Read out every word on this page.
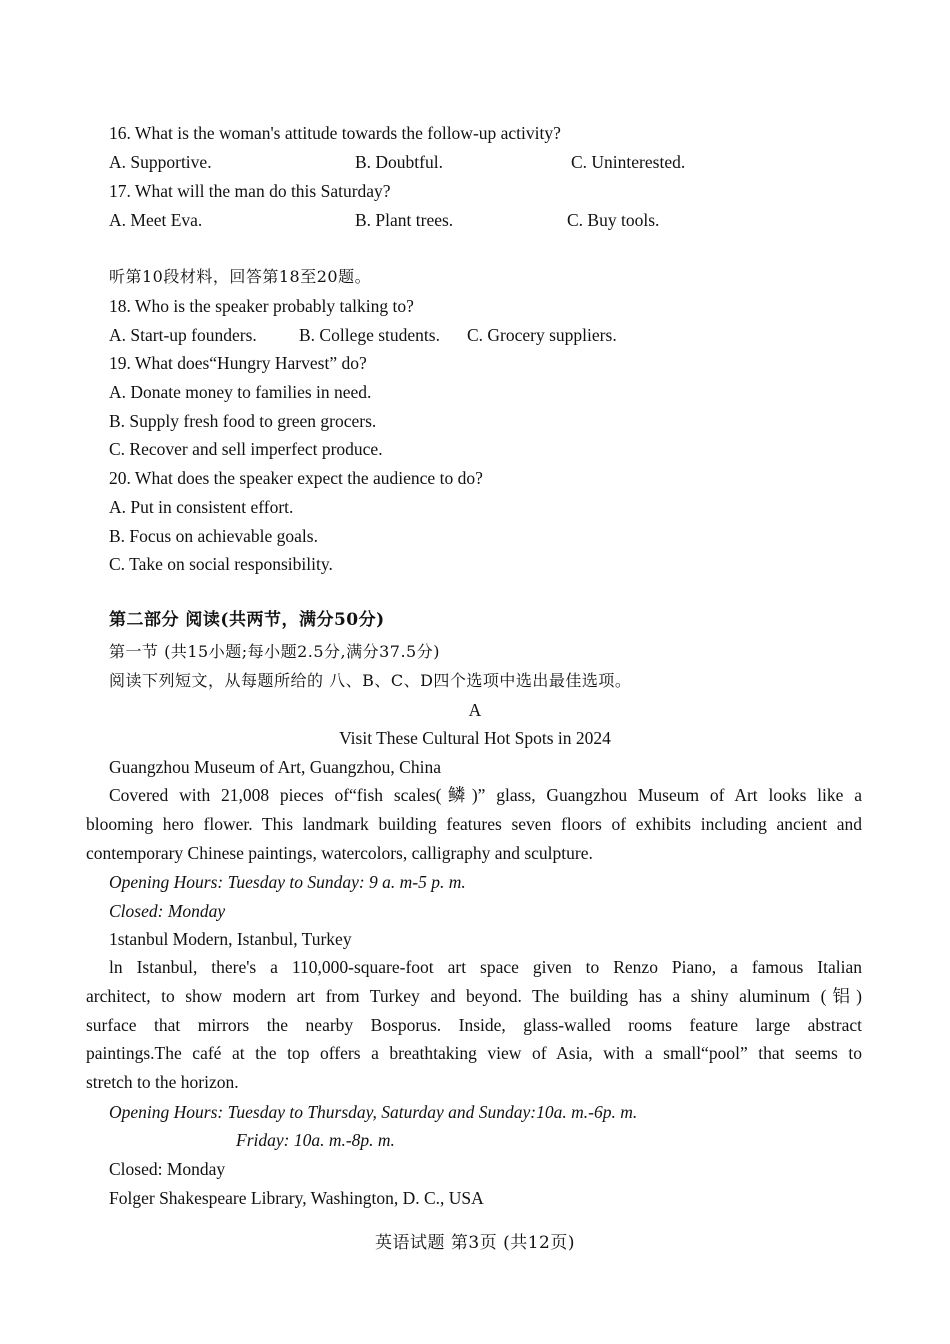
16. What is the woman's attitude towards the follow-up activity?
A. Supportive.	B. Doubtful.	C. Uninterested.
17. What will the man do this Saturday?
A. Meet Eva.	B. Plant trees.	C. Buy tools.
听第10段材料，回答第18至20题。
18. Who is the speaker probably talking to?
A. Start-up founders. B. College students. C. Grocery suppliers.
19. What does“Hungry Harvest” do?
A. Donate money to families in need.
B. Supply fresh food to green grocers.
C. Recover and sell imperfect produce.
20. What does the speaker expect the audience to do?
A. Put in consistent effort.
B. Focus on achievable goals.
C. Take on social responsibility.
第二部分 阅读(共两节，满分50分)
第一节 (共15小题;每小题2.5分,满分37.5分)
阅读下列短文，从每题所给的 八、B、C、D四个选项中选出最佳选项。
A
Visit These Cultural Hot Spots in 2024
Guangzhou Museum of Art, Guangzhou, China
Covered with 21,008 pieces of“fish scales(鳞)” glass, Guangzhou Museum of Art looks like a
blooming hero flower. This landmark building features seven floors of exhibits including ancient and
contemporary Chinese paintings, watercolors, calligraphy and sculpture.
Opening Hours: Tuesday to Sunday: 9 a. m-5 p. m.
Closed: Monday
1stanbul Modern, Istanbul, Turkey
ln Istanbul, there's a 110,000-square-foot art space given to Renzo Piano, a famous Italian
architect, to show modern art from Turkey and beyond. The building has a shiny aluminum (铝)
surface that mirrors the nearby Bosporus. Inside, glass-walled rooms feature large abstract
paintings.The café at the top offers a breathtaking view of Asia, with a small“pool” that seems to
stretch to the horizon.
Opening Hours: Tuesday to Thursday, Saturday and Sunday:10a. m.-6p. m.
Friday: 10a. m.-8p. m.
Closed: Monday
Folger Shakespeare Library, Washington, D. C., USA
英语试题 第3页 (共12页)
